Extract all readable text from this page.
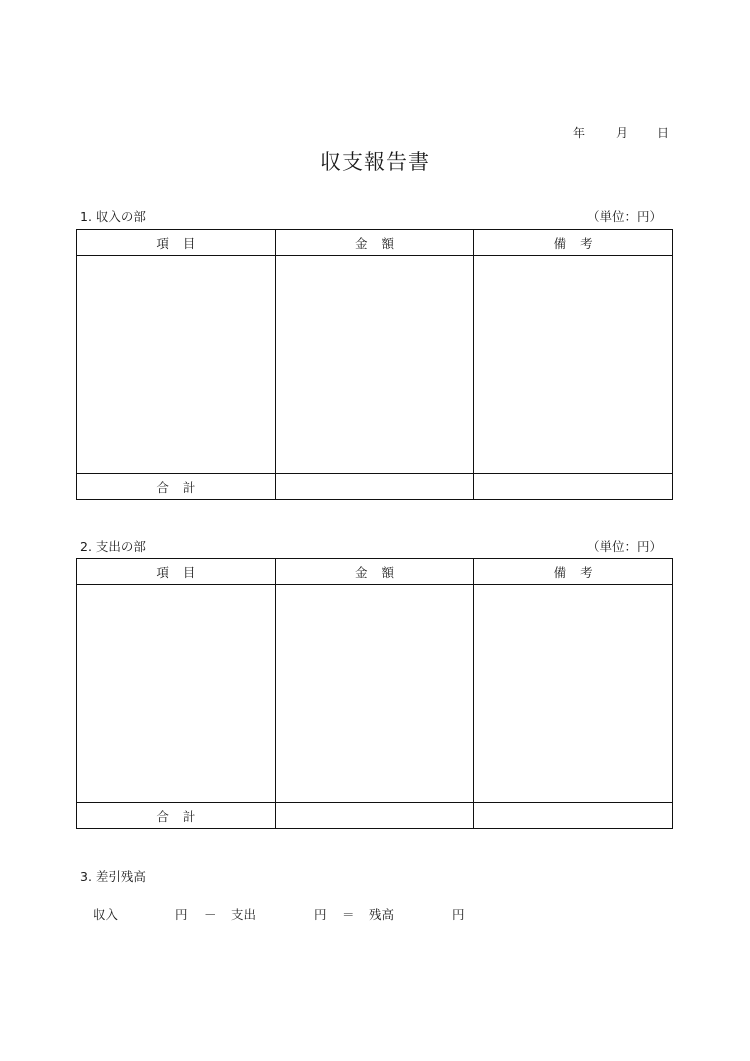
年	月 日
収支報告書
1. 収入の部	（単位：円）
項目	金額	備考

合計		
2. 支出の部	（単位：円）
項目	金額	備考

合計		
3. 差引残高
収入	円 － 支出	円 ＝ 残高	円
